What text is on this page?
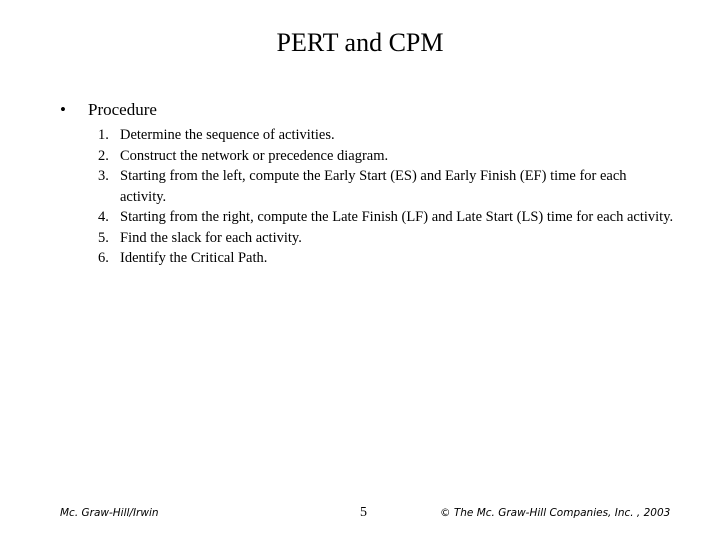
PERT and CPM
• Procedure
1. Determine the sequence of activities.
2. Construct the network or precedence diagram.
3. Starting from the left, compute the Early Start (ES) and Early Finish (EF) time for each activity.
4. Starting from the right, compute the Late Finish (LF) and Late Start (LS) time for each activity.
5. Find the slack for each activity.
6. Identify the Critical Path.
Mc. Graw-Hill/Irwin	5	© The Mc. Graw-Hill Companies, Inc. , 2003
